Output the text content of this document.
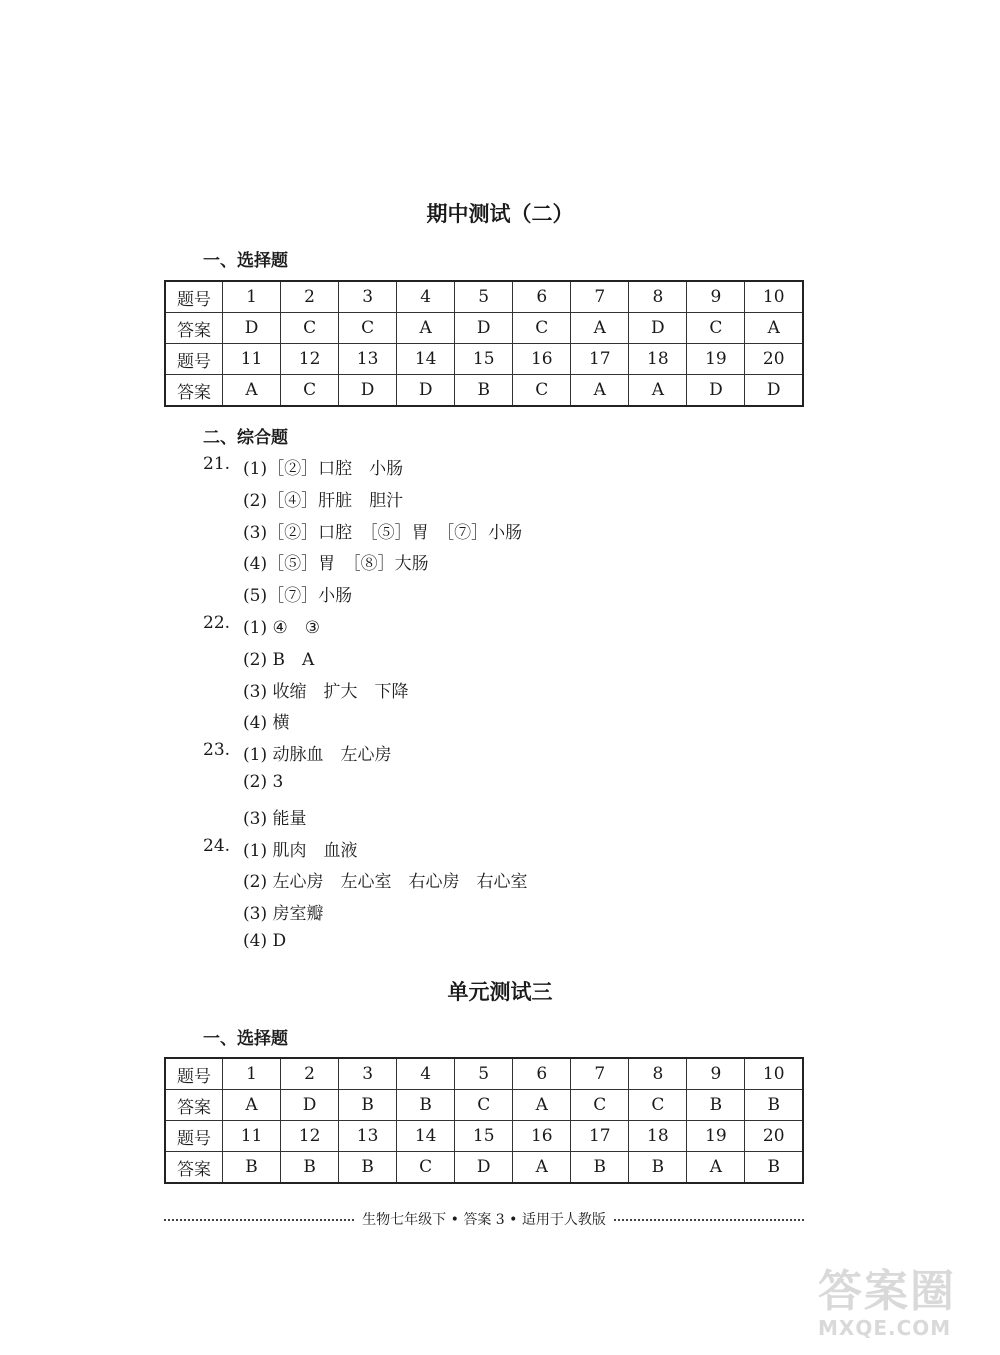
期中测试（二）
一、选择题
题号	1	2	3	4	5	6	7	8	9	10
答案	D	C	C	A	D	C	A	D	C	A
题号	11	12	13	14	15	16	17	18	19	20
答案	A	C	D	D	B	C	A	A	D	D
二、综合题
21. (1)［②］口腔　小肠
(2)［④］肝脏　胆汁
(3)［②］口腔　［⑤］胃　［⑦］小肠
(4)［⑤］胃　［⑧］大肠
(5)［⑦］小肠
22. (1) ④　③
(2) B　A
(3) 收缩　扩大　下降
(4) 横
23. (1) 动脉血　左心房
(2) 3
(3) 能量
24. (1) 肌肉　血液
(2) 左心房　左心室　右心房　右心室
(3) 房室瓣
(4) D
单元测试三
一、选择题
题号	1	2	3	4	5	6	7	8	9	10
答案	A	D	B	B	C	A	C	C	B	B
题号	11	12	13	14	15	16	17	18	19	20
答案	B	B	B	C	D	A	B	B	A	B
生物七年级下 • 答案 3 • 适用于人教版
答案圈
MXQE.COM
